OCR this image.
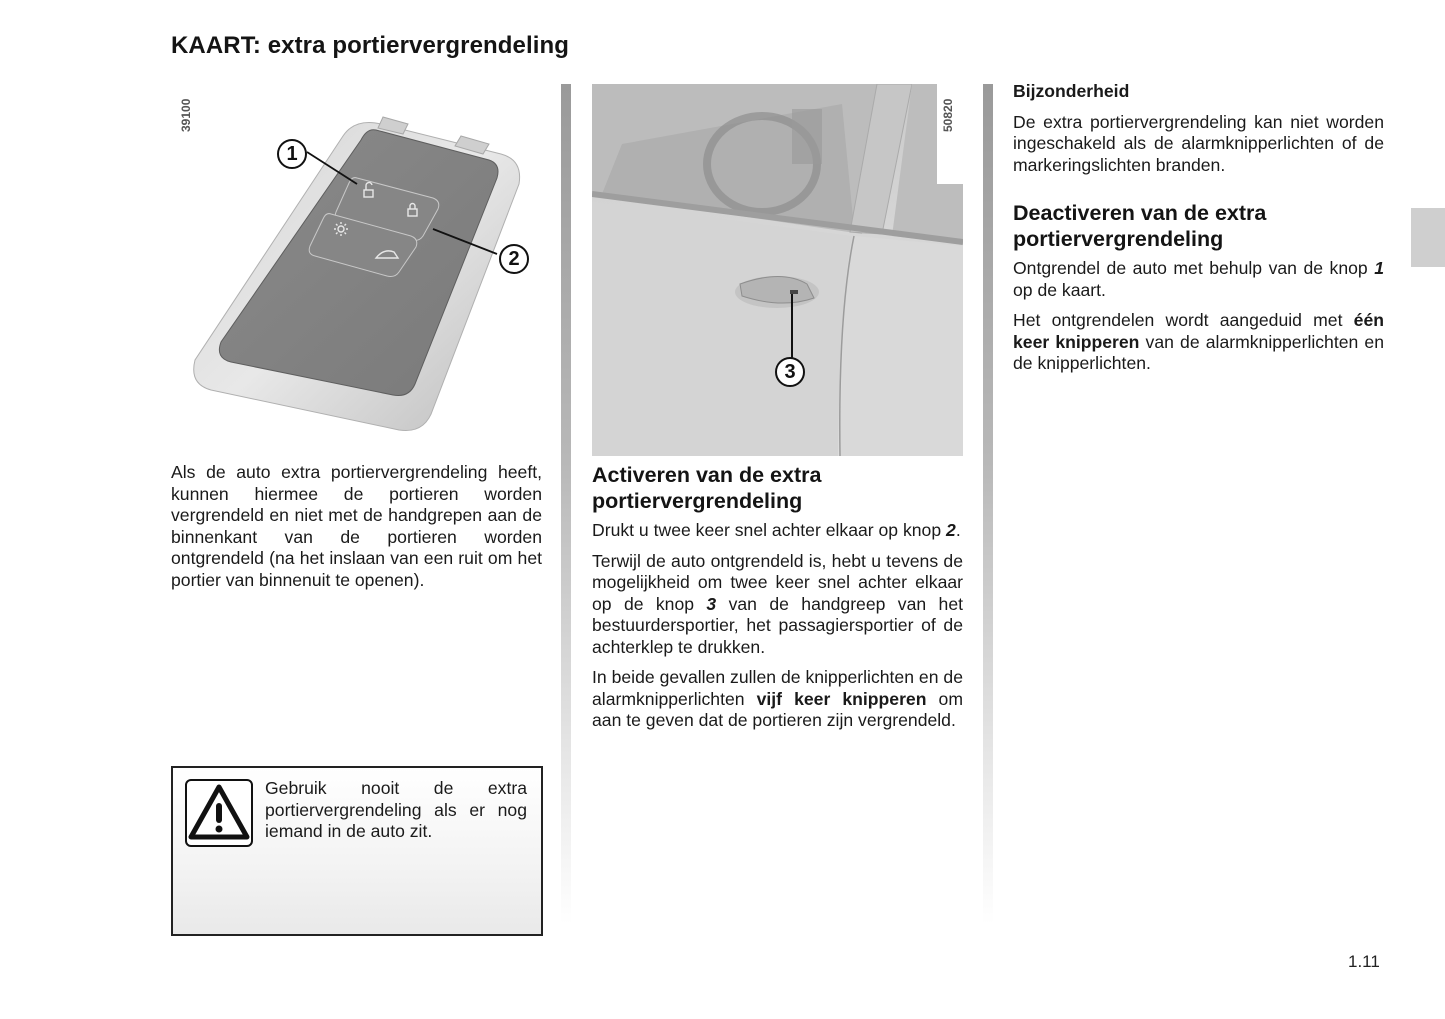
KAART: extra portiervergrendeling
39100
1
2
50820
3

Als de auto extra portiervergrendeling heeft, kunnen hiermee de portieren worden vergrendeld en niet met de handgrepen aan de binnenkant van de portieren worden ontgrendeld (na het inslaan van een ruit om het portier van binnenuit te openen).

Gebruik nooit de extra portiervergrendeling als er nog iemand in de auto zit.
Activeren van de extra portiervergrendeling

Drukt u twee keer snel achter elkaar op knop 2.

Terwijl de auto ontgrendeld is, hebt u tevens de mogelijkheid om twee keer snel achter elkaar op de knop 3 van de handgreep van het bestuurdersportier, het passagiersportier of de achterklep te drukken.

In beide gevallen zullen de knipperlichten en de alarmknipperlichten vijf keer knipperen om aan te geven dat de portieren zijn vergrendeld.

Bijzonderheid

De extra portiervergrendeling kan niet worden ingeschakeld als de alarmknipperlichten of de markeringslichten branden.

Deactiveren van de extra portiervergrendeling

Ontgrendel de auto met behulp van de knop 1 op de kaart.

Het ontgrendelen wordt aangeduid met één keer knipperen van de alarmknipperlichten en de knipperlichten.

1.11
